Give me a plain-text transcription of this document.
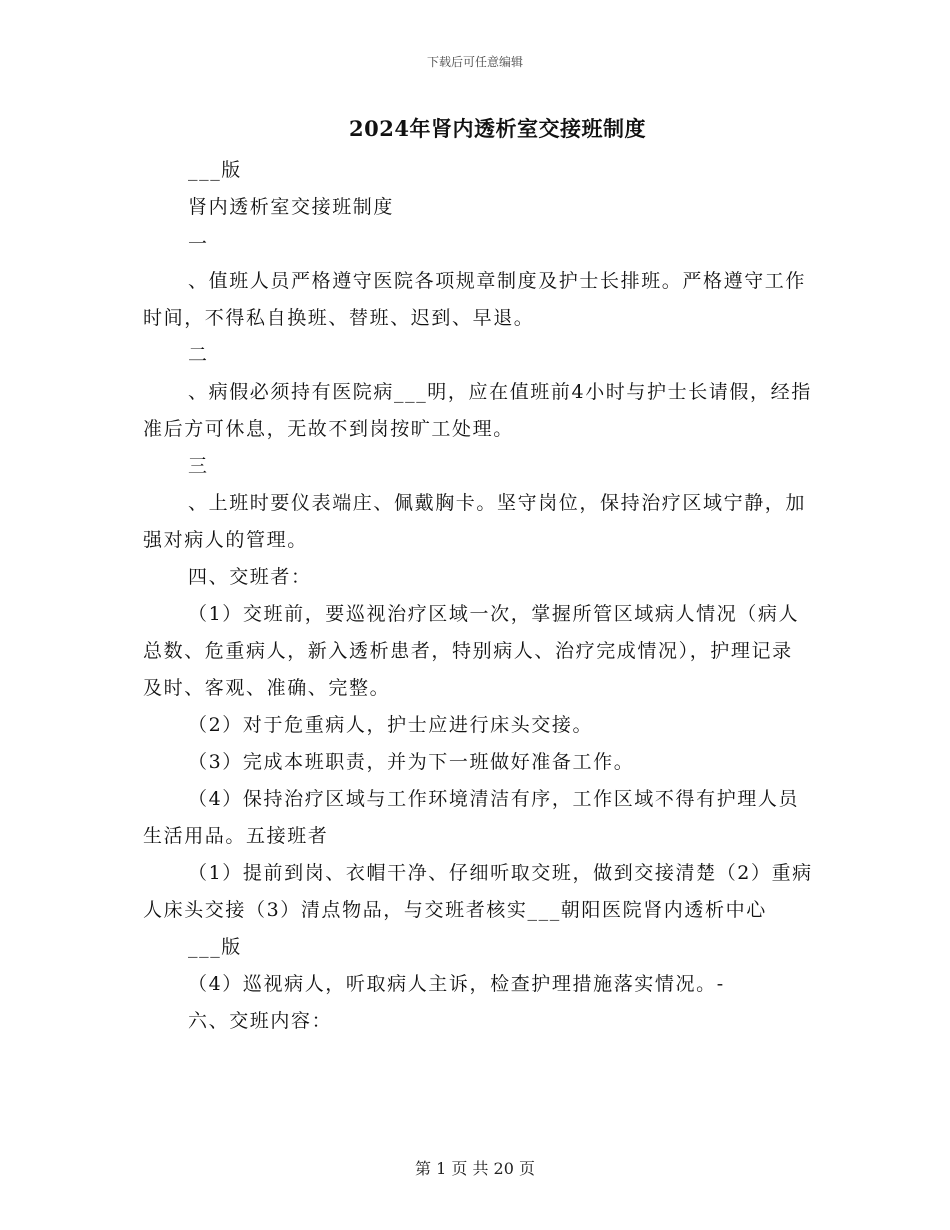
下载后可任意编辑
2024年肾内透析室交接班制度

___版

肾内透析室交接班制度

一

、值班人员严格遵守医院各项规章制度及护士长排班。严格遵守工作时间，不得私自换班、替班、迟到、早退。

二

、病假必须持有医院病___明，应在值班前4小时与护士长请假，经指准后方可休息，无故不到岗按旷工处理。

三

、上班时要仪表端庄、佩戴胸卡。坚守岗位，保持治疗区域宁静，加强对病人的管理。

四、交班者：

（1）交班前，要巡视治疗区域一次，掌握所管区域病人情况（病人总数、危重病人，新入透析患者，特别病人、治疗完成情况），护理记录及时、客观、准确、完整。

（2）对于危重病人，护士应进行床头交接。

（3）完成本班职责，并为下一班做好准备工作。

（4）保持治疗区域与工作环境清洁有序，工作区域不得有护理人员生活用品。五接班者

（1）提前到岗、衣帽干净、仔细听取交班，做到交接清楚（2）重病人床头交接（3）清点物品，与交班者核实___朝阳医院肾内透析中心

___版

（4）巡视病人，听取病人主诉，检查护理措施落实情况。-

六、交班内容：

第 1 页 共 20 页
